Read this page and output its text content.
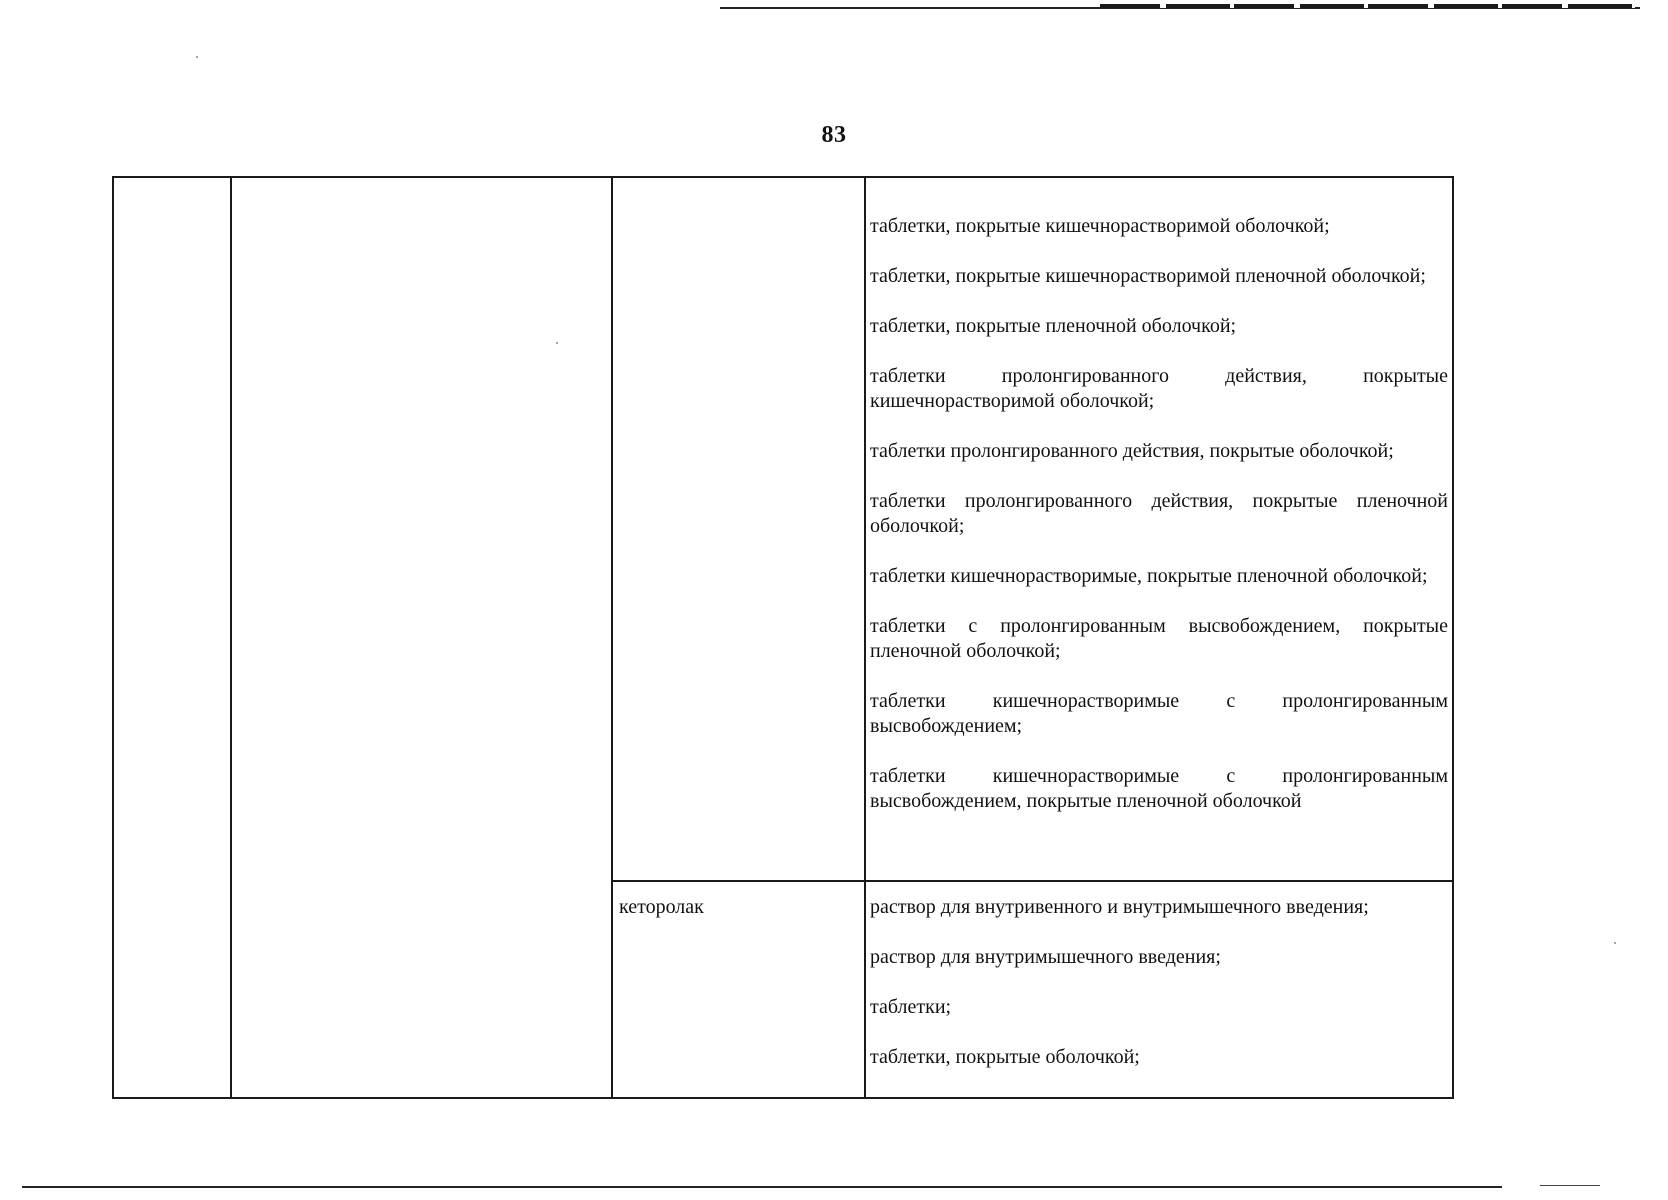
83
таблетки, покрытые кишечнорастворимой оболочкой;
таблетки, покрытые кишечнорастворимой пленочной оболочкой;
таблетки, покрытые пленочной оболочкой;
таблетки пролонгированного действия, покрытые кишечнорастворимой оболочкой;
таблетки пролонгированного действия, покрытые оболочкой;
таблетки пролонгированного действия, покрытые пленочной оболочкой;
таблетки кишечнорастворимые, покрытые пленочной оболочкой;
таблетки с пролонгированным высвобождением, покрытые пленочной оболочкой;
таблетки кишечнорастворимые с пролонгированным высвобождением;
таблетки кишечнорастворимые с пролонгированным высвобождением, покрытые пленочной оболочкой
кеторолак	раствор для внутривенного и внутримышечного введения;
раствор для внутримышечного введения;
таблетки;
таблетки, покрытые оболочкой;
